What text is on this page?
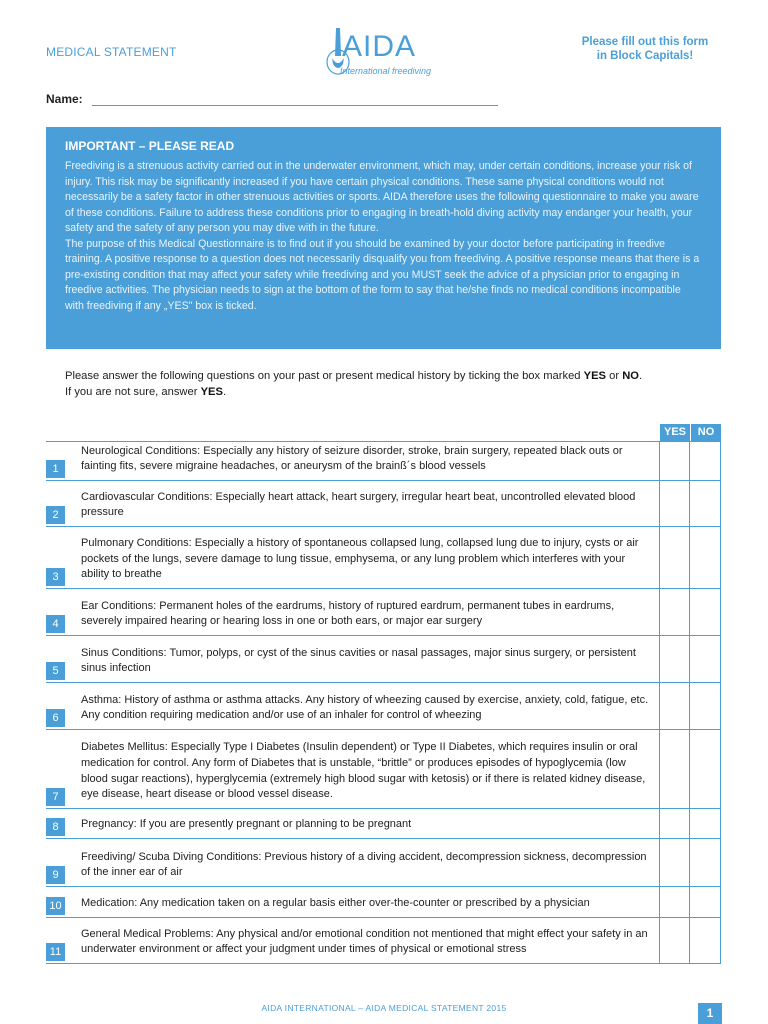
MEDICAL STATEMENT	AIDA
International freediving
Please fill out this form
in Block Capitals!
Name:
IMPORTANT – PLEASE READ

Freediving is a strenuous activity carried out in the underwater environment, which may, under certain conditions, increase your risk of injury. This risk may be significantly increased if you have certain physical conditions. These same physical conditions would not necessarily be a safety factor in other strenuous activities or sports. AIDA therefore uses the following questionnaire to make you aware of these conditions. Failure to address these conditions prior to engaging in breath-hold diving activity may endanger your health, your safety and the safety of any person you may dive with in the future.

The purpose of this Medical Questionnaire is to find out if you should be examined by your doctor before participating in freedive training. A positive response to a question does not necessarily disqualify you from freediving. A positive response means that there is a pre-existing condition that may affect your safety while freediving and you MUST seek the advice of a physician prior to engaging in freedive activities. The physician needs to sign at the bottom of the form to say that he/she finds no medical conditions incompatible with freediving if any „YES" box is ticked.

Please answer the following questions on your past or present medical history by ticking the box marked YES or NO.
If you are not sure, answer YES.
YES	NO
1
Neurological Conditions: Especially any history of seizure disorder, stroke, brain surgery, repeated black outs or fainting fits, severe migraine headaches, or aneurysm of the brainß´s blood vessels
2
Cardiovascular Conditions: Especially heart attack, heart surgery, irregular heart beat, uncontrolled elevated blood pressure
3
Pulmonary Conditions: Especially a history of spontaneous collapsed lung, collapsed lung due to injury, cysts or air pockets of the lungs, severe damage to lung tissue, emphysema, or any lung problem which interferes with your ability to breathe
4
Ear Conditions: Permanent holes of the eardrums, history of ruptured eardrum, permanent tubes in eardrums, severely impaired hearing or hearing loss in one or both ears, or major ear surgery
5
Sinus Conditions: Tumor, polyps, or cyst of the sinus cavities or nasal passages, major sinus surgery, or persistent sinus infection
6
Asthma: History of asthma or asthma attacks. Any history of wheezing caused by exercise, anxiety, cold, fatigue, etc. Any condition requiring medication and/or use of an inhaler for control of wheezing
7
Diabetes Mellitus: Especially Type I Diabetes (Insulin dependent) or Type II Diabetes, which requires insulin or oral medication for control. Any form of Diabetes that is unstable, “brittle” or produces episodes of hypoglycemia (low blood sugar reactions), hyperglycemia (extremely high blood sugar with ketosis) or if there is related kidney disease, eye disease, heart disease or blood vessel disease.
8	Pregnancy: If you are presently pregnant or planning to be pregnant
9
Freediving/ Scuba Diving Conditions: Previous history of a diving accident, decompression sickness, decompression of the inner ear of air
10	Medication: Any medication taken on a regular basis either over-the-counter or prescribed by a physician
11
General Medical Problems: Any physical and/or emotional condition not mentioned that might effect your safety in an underwater environment or affect your judgment under times of physical or emotional stress
AIDA INTERNATIONAL – AIDA MEDICAL STATEMENT 2015	1
